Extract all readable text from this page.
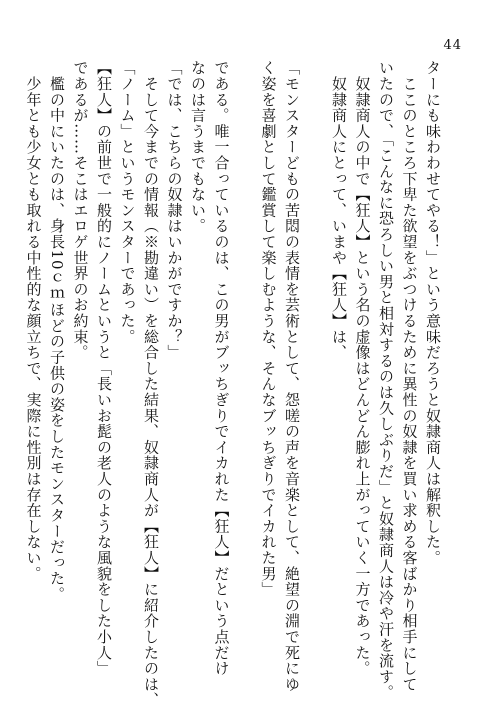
44
ターにも味わわせてやる！」という意味だろうと奴隷商人は解釈した。
　ここのところ下卑た欲望をぶつけるために異性の奴隷を買い求める客ばかり相手にして
いたので、「こんなに恐ろしい男と相対するのは久しぶりだ」と奴隷商人は冷や汗を流す。
　奴隷商人の中で【狂人】という名の虚像はどんどん膨れ上がっていく一方であった。
　奴隷商人にとって、いまや【狂人】は、
「モンスターどもの苦悶の表情を芸術として、怨嗟の声を音楽として、絶望の淵で死にゆ
く姿を喜劇として鑑賞して楽しむような、そんなブッちぎりでイカれた男」
である。唯一合っているのは、この男がブッちぎりでイカれた【狂人】だという点だけ
なのは言うまでもない。
「では、こちらの奴隷はいかがですか？」
　そして今までの情報（※勘違い）を総合した結果、奴隷商人が【狂人】に紹介したのは、
「ノーム」というモンスターであった。
【狂人】の前世で一般的にノームというと「長いお髭の老人のような風貌をした小人」
であるが……そこはエロゲ世界のお約束。
　檻の中にいたのは、身長10ｃｍほどの子供の姿をしたモンスターだった。
　少年とも少女とも取れる中性的な顔立ちで、実際に性別は存在しない。
